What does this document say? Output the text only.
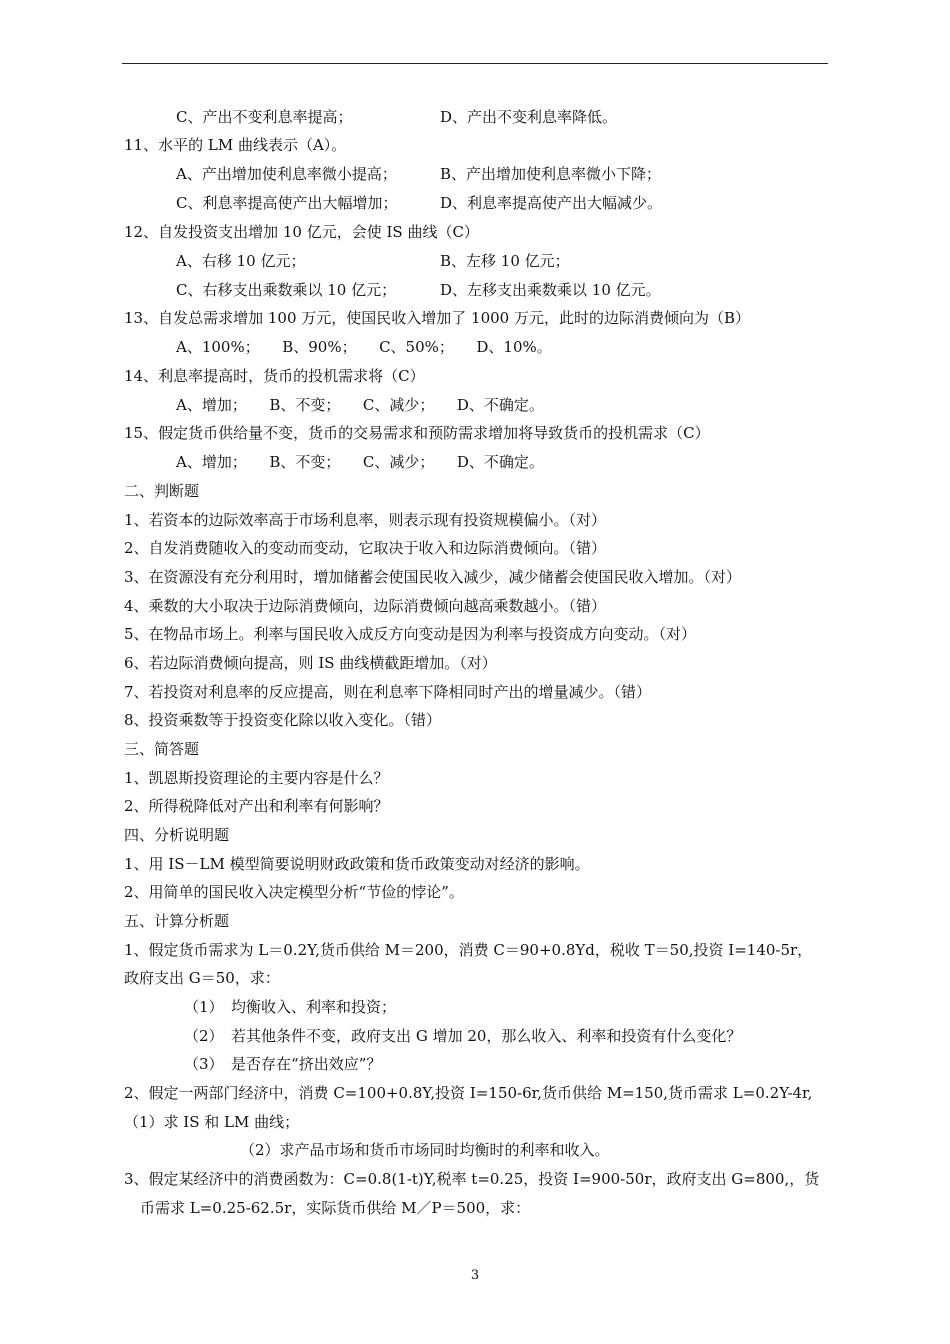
C、产出不变利息率提高；	D、产出不变利息率降低。
11、水平的 LM 曲线表示（A）。
A、产出增加使利息率微小提高；	B、产出增加使利息率微小下降；
C、利息率提高使产出大幅增加；	D、利息率提高使产出大幅减少。
12、自发投资支出增加 10 亿元，会使 IS 曲线（C）
A、右移 10 亿元；	B、左移 10 亿元；
C、右移支出乘数乘以 10 亿元；	D、左移支出乘数乘以 10 亿元。
13、自发总需求增加 100 万元，使国民收入增加了 1000 万元，此时的边际消费倾向为（B）
A、100%；　　B、90%；　　C、50%；　　D、10%。
14、利息率提高时，货币的投机需求将（C）
A、增加；　　B、不变；　　C、减少；　　D、不确定。
15、假定货币供给量不变，货币的交易需求和预防需求增加将导致货币的投机需求（C）
A、增加；　　B、不变；　　C、减少；　　D、不确定。
二、判断题
1、若资本的边际效率高于市场利息率，则表示现有投资规模偏小。（对）
2、自发消费随收入的变动而变动，它取决于收入和边际消费倾向。（错）
3、在资源没有充分利用时，增加储蓄会使国民收入减少，减少储蓄会使国民收入增加。（对）
4、乘数的大小取决于边际消费倾向，边际消费倾向越高乘数越小。（错）
5、在物品市场上。利率与国民收入成反方向变动是因为利率与投资成方向变动。（对）
6、若边际消费倾向提高，则 IS 曲线横截距增加。（对）
7、若投资对利息率的反应提高，则在利息率下降相同时产出的增量减少。（错）
8、投资乘数等于投资变化除以收入变化。（错）
三、简答题
1、凯恩斯投资理论的主要内容是什么？
2、所得税降低对产出和利率有何影响？
四、分析说明题
1、用 IS－LM 模型简要说明财政政策和货币政策变动对经济的影响。
2、用简单的国民收入决定模型分析“节俭的悖论”。
五、计算分析题
1、假定货币需求为 L＝0.2Y,货币供给 M＝200，消费 C＝90+0.8Yd，税收 T＝50,投资 I=140-5r，
政府支出 G＝50，求：
（1）　均衡收入、利率和投资；
（2）　若其他条件不变，政府支出 G 增加 20，那么收入、利率和投资有什么变化？
（3）　是否存在“挤出效应”？
2、假定一两部门经济中，消费 C=100+0.8Y,投资 I=150-6r,货币供给 M=150,货币需求 L=0.2Y-4r,
（1）求 IS 和 LM 曲线；
（2）求产品市场和货币市场同时均衡时的利率和收入。
3、假定某经济中的消费函数为：C=0.8(1-t)Y,税率 t=0.25，投资 I=900-50r，政府支出 G=800,，货
币需求 L=0.25-62.5r，实际货币供给 M／P＝500，求：
3
